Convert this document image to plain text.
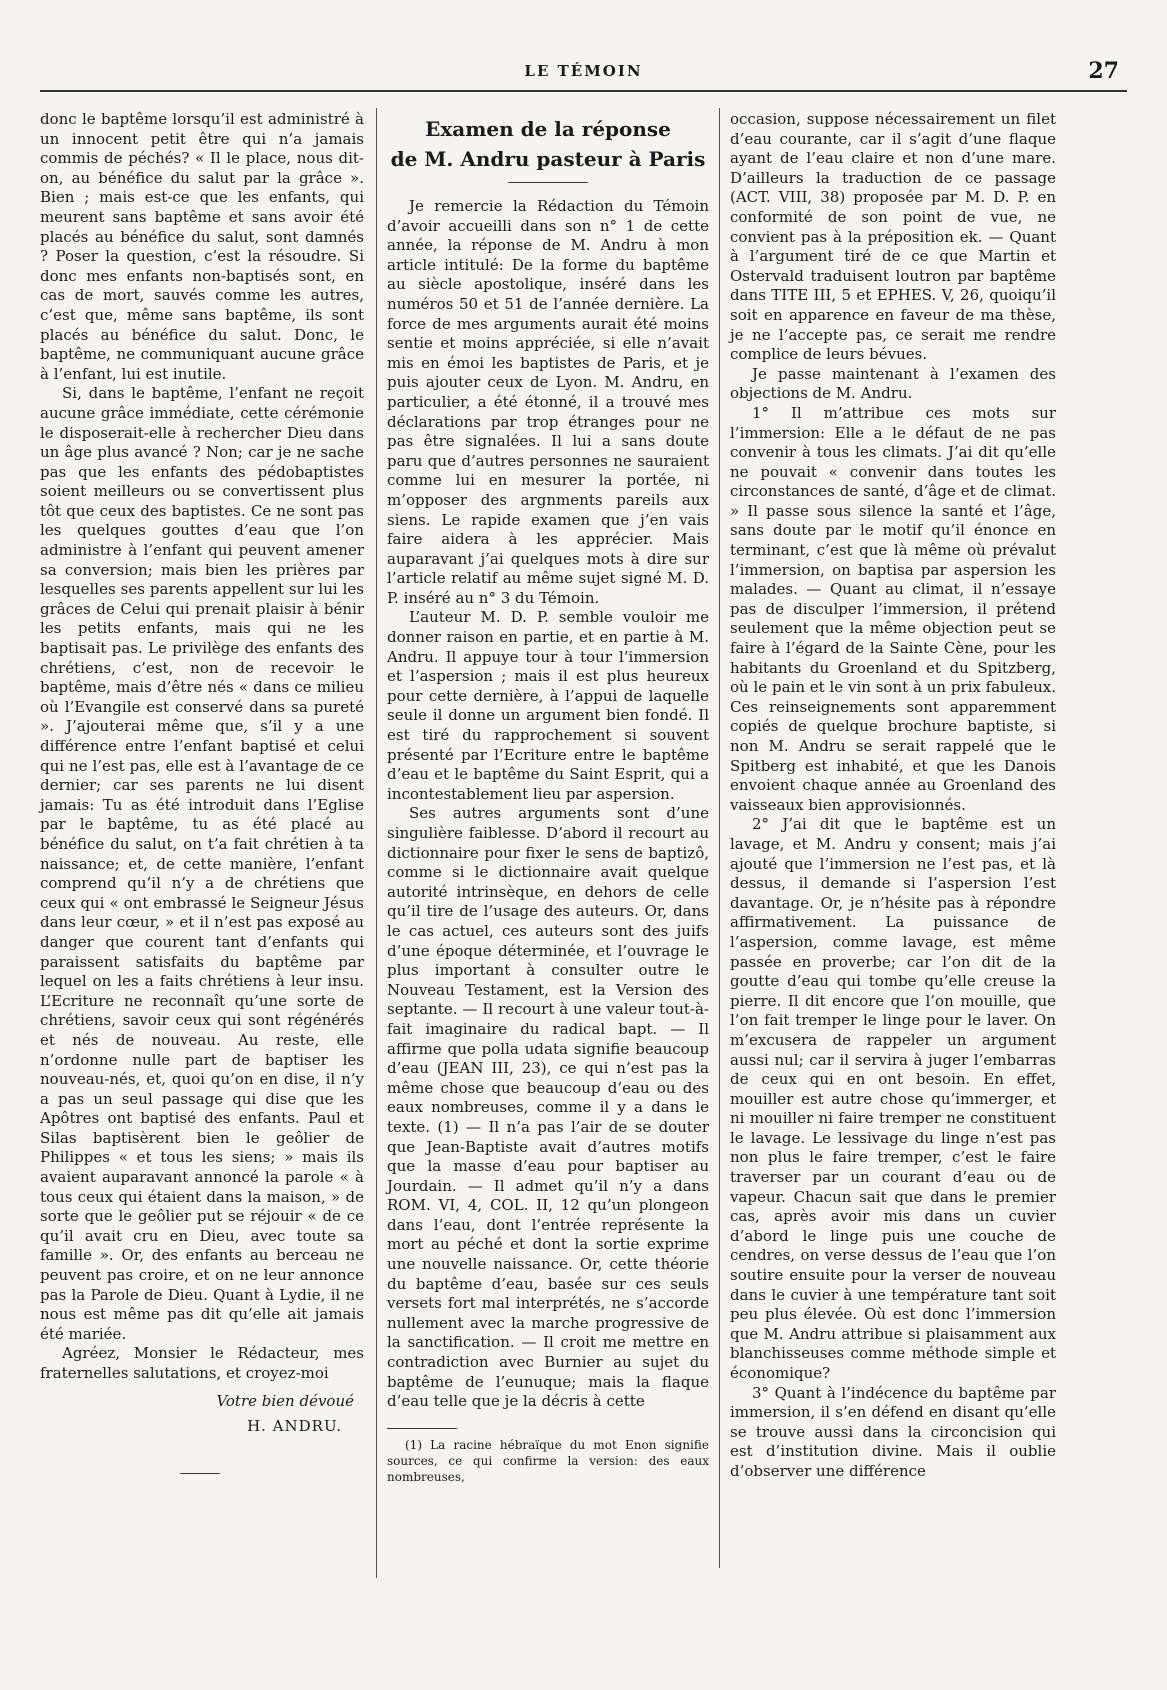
LE TÉMOIN	27

donc le baptême lorsqu’il est administré à un innocent petit être qui n’a jamais commis de péchés? « Il le place, nous dit-on, au bénéfice du salut par la grâce ». Bien ; mais est-ce que les enfants, qui meurent sans baptême et sans avoir été placés au bénéfice du salut, sont damnés ? Poser la question, c’est la résoudre. Si donc mes enfants non-baptisés sont, en cas de mort, sauvés comme les autres, c’est que, même sans baptême, ils sont placés au bénéfice du salut. Donc, le baptême, ne communiquant aucune grâce à l’enfant, lui est inutile.

Si, dans le baptême, l’enfant ne reçoit aucune grâce immédiate, cette cérémonie le disposerait-elle à rechercher Dieu dans un âge plus avancé ? Non; car je ne sache pas que les enfants des pédobaptistes soient meilleurs ou se convertissent plus tôt que ceux des baptistes. Ce ne sont pas les quelques gouttes d’eau que l’on administre à l’enfant qui peuvent amener sa conversion; mais bien les prières par lesquelles ses parents appellent sur lui les grâces de Celui qui prenait plaisir à bénir les petits enfants, mais qui ne les baptisait pas. Le privilège des enfants des chrétiens, c’est, non de recevoir le baptême, mais d’être nés « dans ce milieu où l’Evangile est conservé dans sa pureté ». J’ajouterai même que, s’il y a une différence entre l’enfant baptisé et celui qui ne l’est pas, elle est à l’avantage de ce dernier; car ses parents ne lui disent jamais: Tu as été introduit dans l’Eglise par le baptême, tu as été placé au bénéfice du salut, on t’a fait chrétien à ta naissance; et, de cette manière, l’enfant comprend qu’il n’y a de chrétiens que ceux qui « ont embrassé le Seigneur Jésus dans leur cœur, » et il n’est pas exposé au danger que courent tant d’enfants qui paraissent satisfaits du baptême par lequel on les a faits chrétiens à leur insu. L’Ecriture ne reconnaît qu’une sorte de chrétiens, savoir ceux qui sont régénérés et nés de nouveau. Au reste, elle n’ordonne nulle part de baptiser les nouveau-nés, et, quoi qu’on en dise, il n’y a pas un seul passage qui dise que les Apôtres ont baptisé des enfants. Paul et Silas baptisèrent bien le geôlier de Philippes « et tous les siens; » mais ils avaient auparavant annoncé la parole « à tous ceux qui étaient dans la maison, » de sorte que le geôlier put se réjouir « de ce qu’il avait cru en Dieu, avec toute sa famille ». Or, des enfants au berceau ne peuvent pas croire, et on ne leur annonce pas la Parole de Dieu. Quant à Lydie, il ne nous est même pas dit qu’elle ait jamais été mariée.

Agréez, Monsier le Rédacteur, mes fraternelles salutations, et croyez-moi

Votre bien dévoué
H. ANDRU.
Examen de la réponse
de M. Andru pasteur à Paris

Je remercie la Rédaction du Témoin d’avoir accueilli dans son n° 1 de cette année, la réponse de M. Andru à mon article intitulé: De la forme du baptême au siècle apostolique, inséré dans les numéros 50 et 51 de l’année dernière. La force de mes arguments aurait été moins sentie et moins appréciée, si elle n’avait mis en émoi les baptistes de Paris, et je puis ajouter ceux de Lyon. M. Andru, en particulier, a été étonné, il a trouvé mes déclarations par trop étranges pour ne pas être signalées. Il lui a sans doute paru que d’autres personnes ne sauraient comme lui en mesurer la portée, ni m’opposer des argnments pareils aux siens. Le rapide examen que j’en vais faire aidera à les apprécier. Mais auparavant j’ai quelques mots à dire sur l’article relatif au même sujet signé M. D. P. inséré au n° 3 du Témoin.

L’auteur M. D. P. semble vouloir me donner raison en partie, et en partie à M. Andru. Il appuye tour à tour l’immersion et l’aspersion ; mais il est plus heureux pour cette dernière, à l’appui de laquelle seule il donne un argument bien fondé. Il est tiré du rapprochement si souvent présenté par l’Ecriture entre le baptême d’eau et le baptême du Saint Esprit, qui a incontestablement lieu par aspersion.

Ses autres arguments sont d’une singulière faiblesse. D’abord il recourt au dictionnaire pour fixer le sens de baptizô, comme si le dictionnaire avait quelque autorité intrinsèque, en dehors de celle qu’il tire de l’usage des auteurs. Or, dans le cas actuel, ces auteurs sont des juifs d’une époque déterminée, et l’ouvrage le plus important à consulter outre le Nouveau Testament, est la Version des septante. — Il recourt à une valeur tout-à-fait imaginaire du radical bapt. — Il affirme que polla udata signifie beaucoup d’eau (JEAN III, 23), ce qui n’est pas la même chose que beaucoup d’eau ou des eaux nombreuses, comme il y a dans le texte. (1) — Il n’a pas l’air de se douter que Jean-Baptiste avait d’autres motifs que la masse d’eau pour baptiser au Jourdain. — Il admet qu’il n’y a dans ROM. VI, 4, COL. II, 12 qu’un plongeon dans l’eau, dont l’entrée représente la mort au péché et dont la sortie exprime une nouvelle naissance. Or, cette théorie du baptême d’eau, basée sur ces seuls versets fort mal interprétés, ne s’accorde nullement avec la marche progressive de la sanctification. — Il croit me mettre en contradiction avec Burnier au sujet du baptême de l’eunuque; mais la flaque d’eau telle que je la décris à cette

(1) La racine hébraïque du mot Enon signifie sources, ce qui confirme la version: des eaux nombreuses,

occasion, suppose nécessairement un filet d’eau courante, car il s’agit d’une flaque ayant de l’eau claire et non d’une mare. D’ailleurs la traduction de ce passage (ACT. VIII, 38) proposée par M. D. P. en conformité de son point de vue, ne convient pas à la préposition ek. — Quant à l’argument tiré de ce que Martin et Ostervald traduisent loutron par baptême dans TITE III, 5 et EPHES. V, 26, quoiqu’il soit en apparence en faveur de ma thèse, je ne l’accepte pas, ce serait me rendre complice de leurs bévues.

Je passe maintenant à l’examen des objections de M. Andru.

1° Il m’attribue ces mots sur l’immersion: Elle a le défaut de ne pas convenir à tous les climats. J’ai dit qu’elle ne pouvait « convenir dans toutes les circonstances de santé, d’âge et de climat. » Il passe sous silence la santé et l’âge, sans doute par le motif qu’il énonce en terminant, c’est que là même où prévalut l’immersion, on baptisa par aspersion les malades. — Quant au climat, il n’essaye pas de disculper l’immersion, il prétend seulement que la même objection peut se faire à l’égard de la Sainte Cène, pour les habitants du Groenland et du Spitzberg, où le pain et le vin sont à un prix fabuleux. Ces reinseignements sont apparemment copiés de quelque brochure baptiste, si non M. Andru se serait rappelé que le Spitberg est inhabité, et que les Danois envoient chaque année au Groenland des vaisseaux bien approvisionnés.

2° J’ai dit que le baptême est un lavage, et M. Andru y consent; mais j’ai ajouté que l’immersion ne l’est pas, et là dessus, il demande si l’aspersion l’est davantage. Or, je n’hésite pas à répondre affirmativement. La puissance de l’aspersion, comme lavage, est même passée en proverbe; car l’on dit de la goutte d’eau qui tombe qu’elle creuse la pierre. Il dit encore que l’on mouille, que l’on fait tremper le linge pour le laver. On m’excusera de rappeler un argument aussi nul; car il servira à juger l’embarras de ceux qui en ont besoin. En effet, mouiller est autre chose qu’immerger, et ni mouiller ni faire tremper ne constituent le lavage. Le lessivage du linge n’est pas non plus le faire tremper, c’est le faire traverser par un courant d’eau ou de vapeur. Chacun sait que dans le premier cas, après avoir mis dans un cuvier d’abord le linge puis une couche de cendres, on verse dessus de l’eau que l’on soutire ensuite pour la verser de nouveau dans le cuvier à une température tant soit peu plus élevée. Où est donc l’immersion que M. Andru attribue si plaisamment aux blanchisseuses comme méthode simple et économique?

3° Quant à l’indécence du baptême par immersion, il s’en défend en disant qu’elle se trouve aussi dans la circoncision qui est d’institution divine. Mais il oublie d’observer une différence
